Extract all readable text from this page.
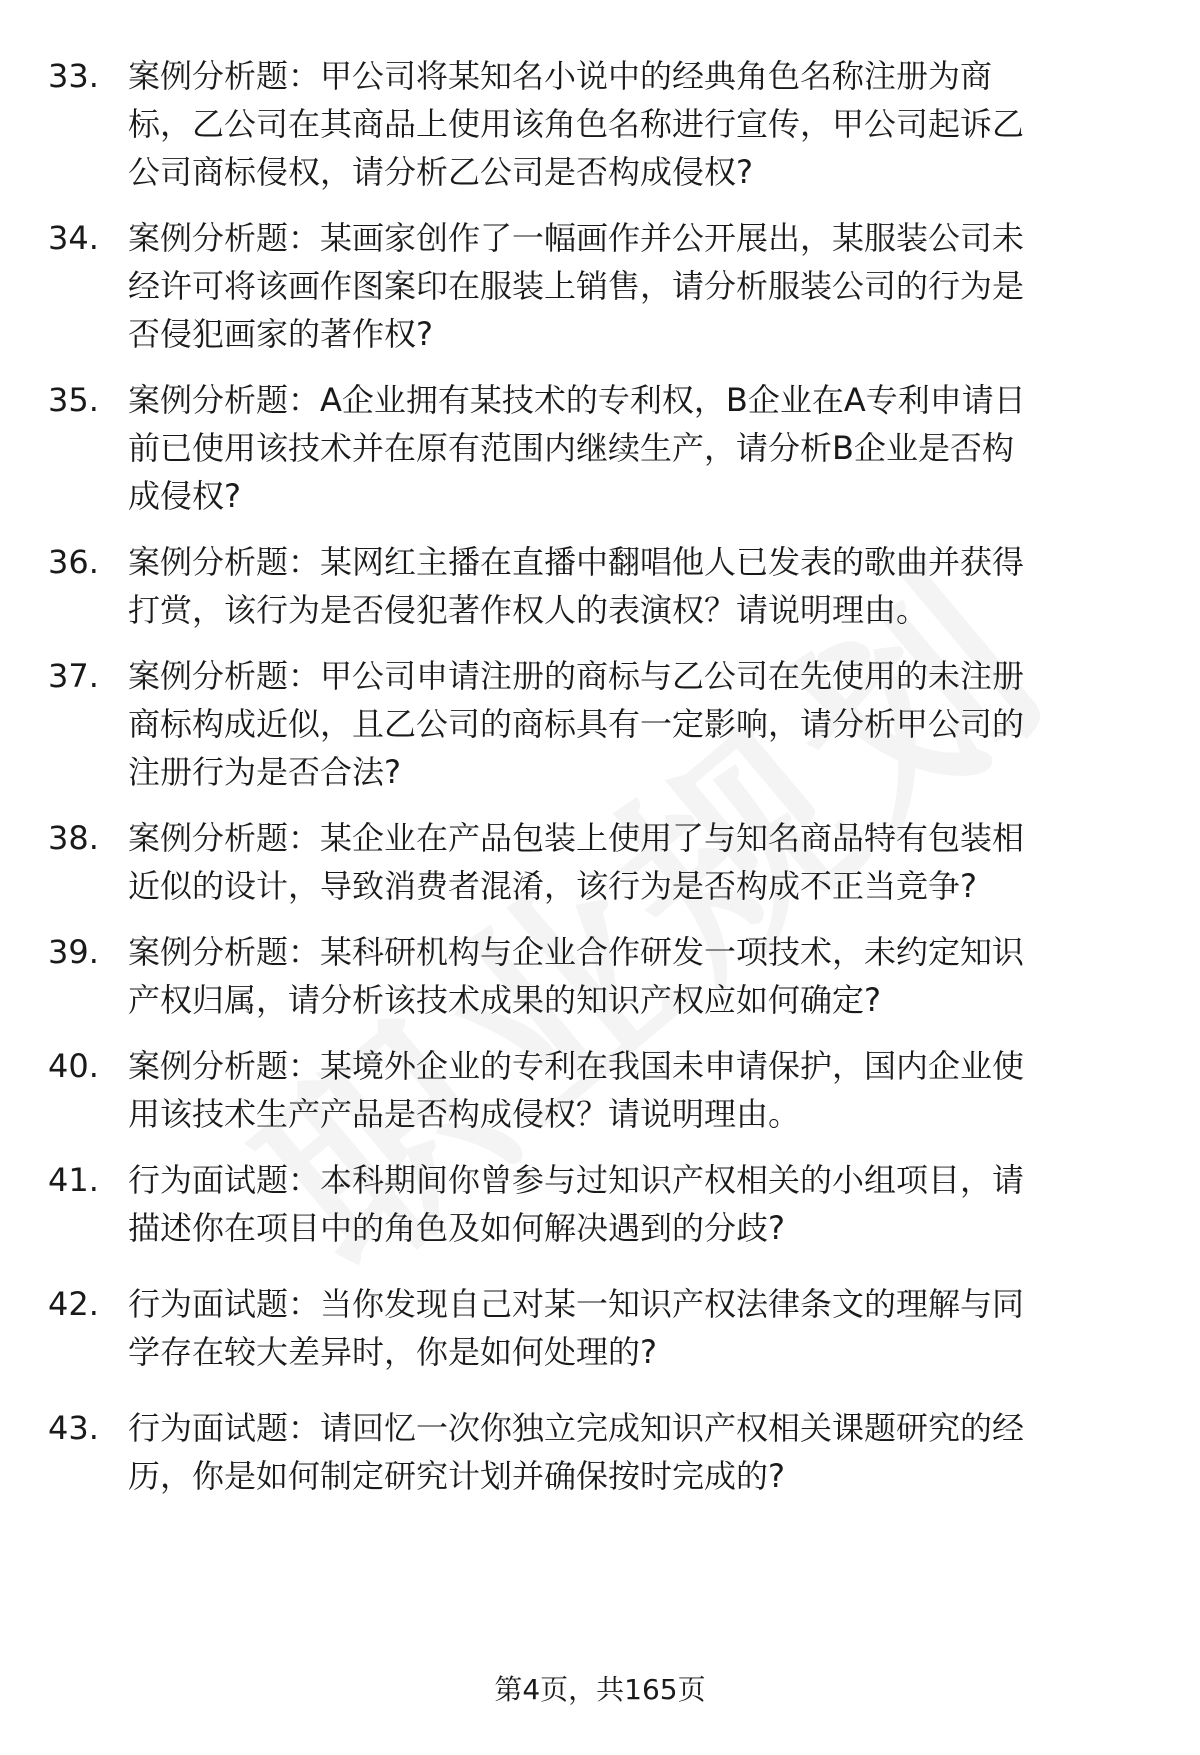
33. 案例分析题：甲公司将某知名小说中的经典角色名称注册为商
标，乙公司在其商品上使用该角色名称进行宣传，甲公司起诉乙
公司商标侵权，请分析乙公司是否构成侵权?
34. 案例分析题：某画家创作了一幅画作并公开展出，某服装公司未
经许可将该画作图案印在服装上销售，请分析服装公司的行为是
否侵犯画家的著作权?
35. 案例分析题：A企业拥有某技术的专利权，B企业在A专利申请日
前已使用该技术并在原有范围内继续生产，请分析B企业是否构
成侵权?
36. 案例分析题：某网红主播在直播中翻唱他人已发表的歌曲并获得
打赏，该行为是否侵犯著作权人的表演权？请说明理由。
37. 案例分析题：甲公司申请注册的商标与乙公司在先使用的未注册
商标构成近似，且乙公司的商标具有一定影响，请分析甲公司的
注册行为是否合法?
38. 案例分析题：某企业在产品包装上使用了与知名商品特有包装相
近似的设计，导致消费者混淆，该行为是否构成不正当竞争?
39. 案例分析题：某科研机构与企业合作研发一项技术，未约定知识
产权归属，请分析该技术成果的知识产权应如何确定?
40. 案例分析题：某境外企业的专利在我国未申请保护，国内企业使
用该技术生产产品是否构成侵权？请说明理由。
41. 行为面试题：本科期间你曾参与过知识产权相关的小组项目，请
描述你在项目中的角色及如何解决遇到的分歧?
42. 行为面试题：当你发现自己对某一知识产权法律条文的理解与同
学存在较大差异时，你是如何处理的?
43. 行为面试题：请回忆一次你独立完成知识产权相关课题研究的经
历，你是如何制定研究计划并确保按时完成的?
第4页，共165页
